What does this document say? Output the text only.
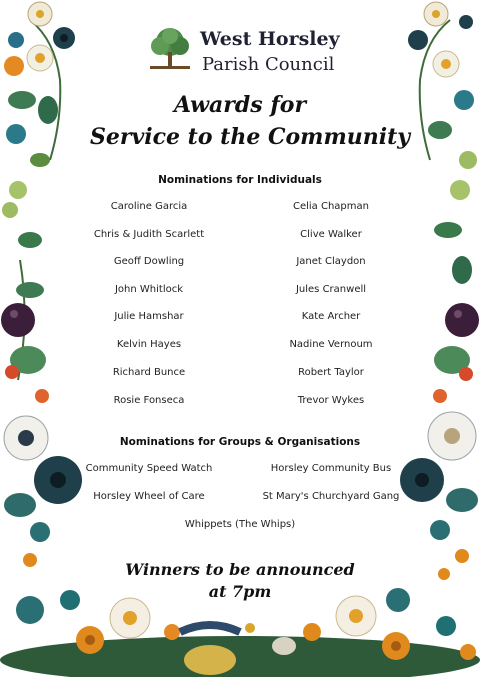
West Horsley
Parish Council
Awards for
Service to the Community
Nominations for Individuals
Caroline Garcia
Chris & Judith Scarlett
Geoff Dowling
John Whitlock
Julie Hamshar
Kelvin Hayes
Richard Bunce
Rosie Fonseca
Celia Chapman
Clive Walker
Janet Claydon
Jules Cranwell
Kate Archer
Nadine Vernoum
Robert Taylor
Trevor Wykes
Nominations for Groups & Organisations
Community Speed Watch
Horsley Wheel of Care
Horsley Community Bus
St Mary's Churchyard Gang
Whippets (The Whips)
Winners to be announced
at 7pm
